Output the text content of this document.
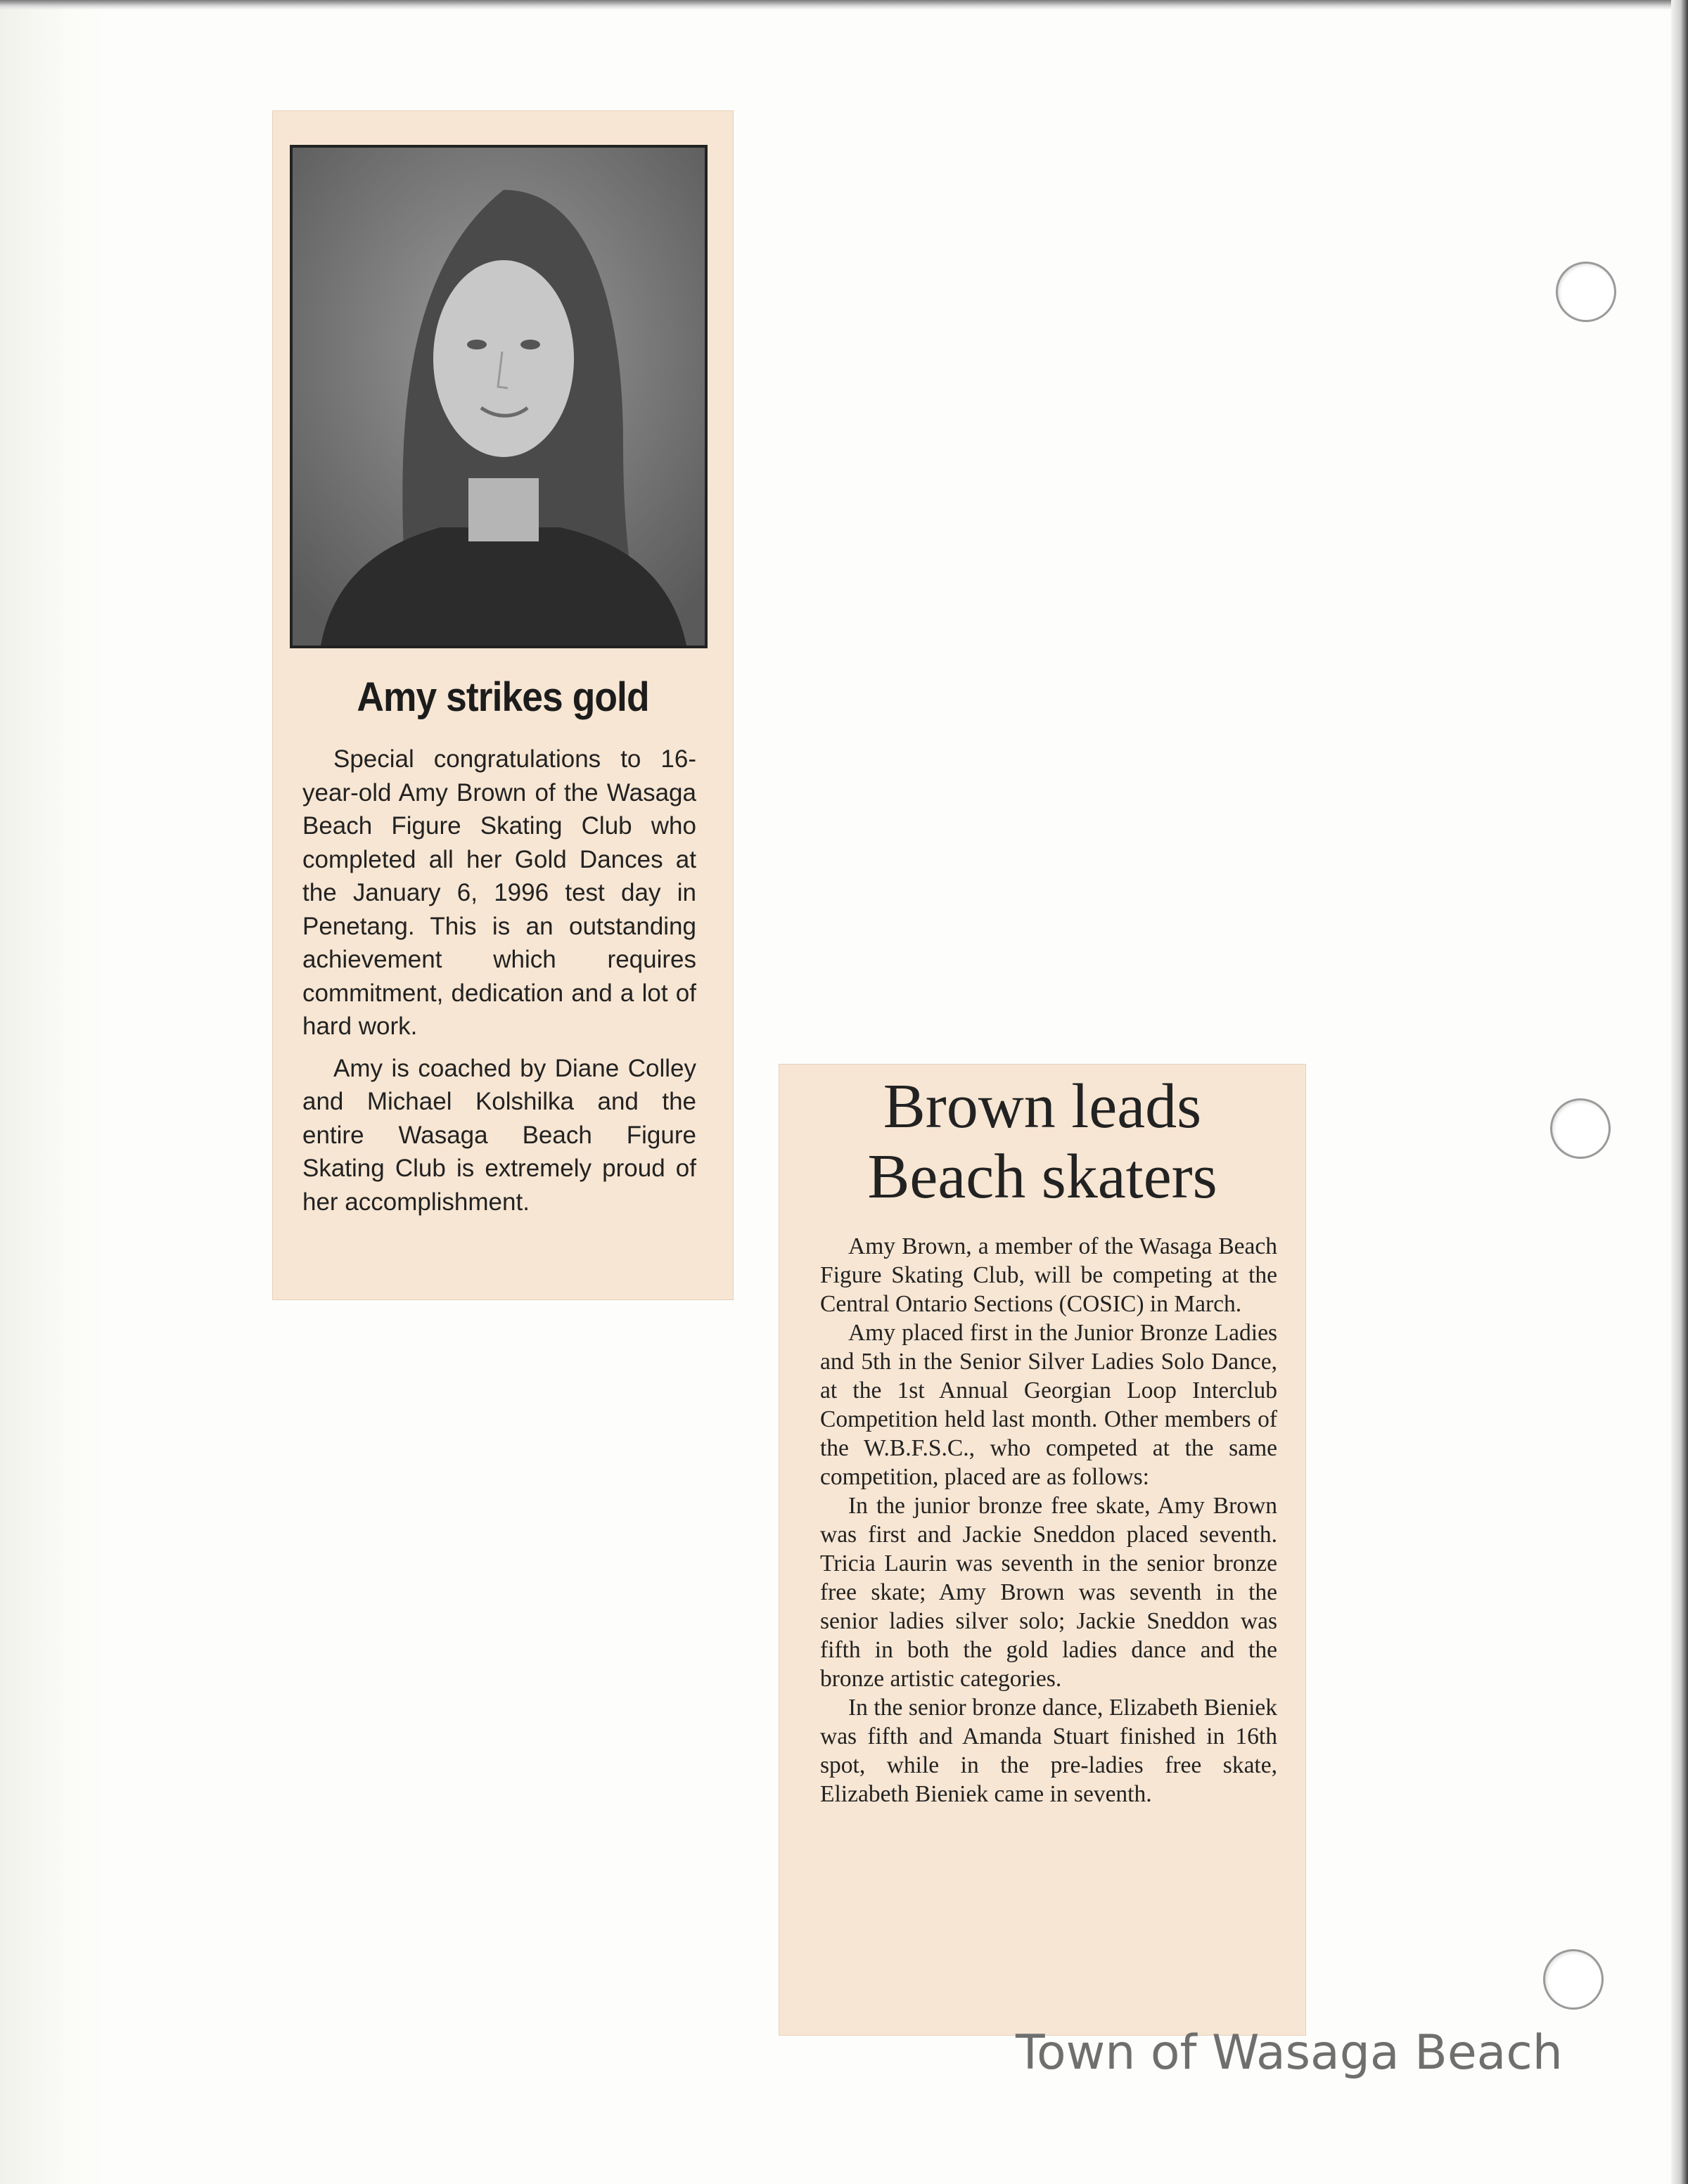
Amy strikes gold

Special congratulations to 16-year-old Amy Brown of the Wasaga Beach Figure Skating Club who completed all her Gold Dances at the January 6, 1996 test day in Penetang. This is an outstanding achievement which requires commitment, dedication and a lot of hard work.

Amy is coached by Diane Colley and Michael Kolshilka and the entire Wasaga Beach Figure Skating Club is extremely proud of her accomplishment.

Brown leads
Beach skaters

Amy Brown, a member of the Wasaga Beach Figure Skating Club, will be competing at the Central Ontario Sections (COSIC) in March.

Amy placed first in the Junior Bronze Ladies and 5th in the Senior Silver Ladies Solo Dance, at the 1st Annual Georgian Loop Interclub Competition held last month. Other members of the W.B.F.S.C., who competed at the same competition, placed are as follows:

In the junior bronze free skate, Amy Brown was first and Jackie Sneddon placed seventh. Tricia Laurin was seventh in the senior bronze free skate; Amy Brown was seventh in the senior ladies silver solo; Jackie Sneddon was fifth in both the gold ladies dance and the bronze artistic categories.

In the senior bronze dance, Elizabeth Bieniek was fifth and Amanda Stuart finished in 16th spot, while in the pre-ladies free skate, Elizabeth Bieniek came in seventh.

Town of Wasaga Beach
